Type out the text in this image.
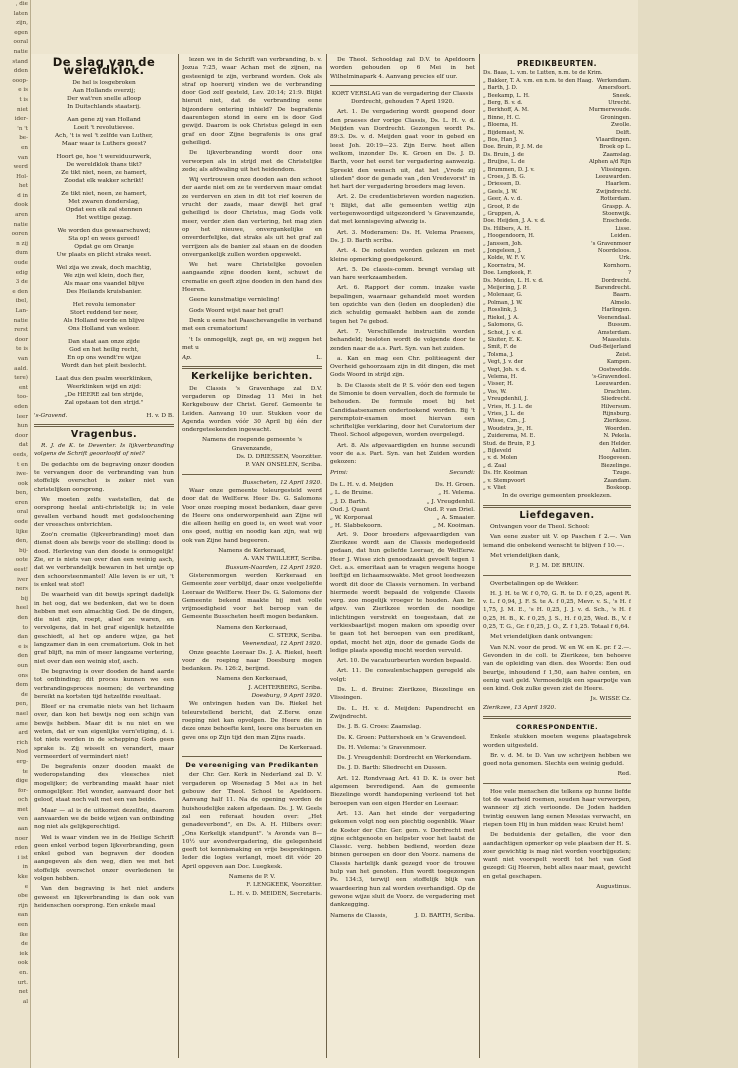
, die
laten
zijn,
egen
ooral
natie
stand
dden
ooop-
e is
t is
niet
ider-
'n 't
be-
en
van
werd
Hol-
het
d in
dook
aren
natie
ooren
n zij
dum
oude
edig
3 de
e den
ibel,
Lan-
natie
rerst
door
te is
van
aald.
tere)
ent
too-
eden
leer
hun
door
dat
eeds,
t en
iwe-
ook
ben,
eren
oral
oode
lijke
den,
bij-
oote
eest!
iver
ners
bij
heel
den
to
dan
e is
den
oun
ons
dem
de
pen,
nael
ame
ard
rich
Nod
erg-
te
dige
for-
och
met
ven
aan
noer
rden
i ist
in
kke
e
obe
rijn
ean
een
ike
de
iek
ook
en.
urt.
net
al
De slag van de wereldklok.
De hel is losgebroken
Aan Hollands overzij;
Der wat'ren snelle afloop
In Duitschlands staatsrij.
Aan gene zij van Holland
Loeit 't revolutievee.
Ach, 't is wel 't zelfde van Luther,
Maar waar is Luthers geest?
Hoort ge, hoe 't wereiduurwerk,
De wereldklok thans tikt?
Ze tikt niet, neen, ze hamert,
Zoodat elk wakker schrikt!
Ze tikt niet, neen, ze hamert,
Met zwaren donderslag,
Opdat een elk zal stennen
Het wettige gezag.
We worden dus gewaarschuwd;
Sta op! en wees gereed!
Opdat ge om Oranje
Uw plaats en plicht straks weet.
Wel zija we zwak, doch machtig,
We zijn wel klein, doch fier,
Als maar ons vaandel blijve
Des Heilands kruisbanier.
Het revolu iemonster
Stort reddend ter neer,
Als Holland worde en blijve
Ons Holland van weleer.
Dan staat aan onze zijde
God en het heilig recht,
En op ons wendt're wijze
Wordt dan het pleit beslecht.
Laat dus den psalm weerklinken,
Weerklinken wijd en zijd:
„De HEERE zal ten strijde,
Zal opstaan tot den strijd."
's-Gravend.	H. v. D B.
Vragenbus.

R. J. de K. te Deventer. Is lijkverbranding volgens de Schrift geoorloofd of niet?

De gedachte om de begraving onzer dooden te vervangen door de verbranding van hun stoffelijk overschot is zeker niet van christelijken oorsprong.

We moeten zelfs vaststellen, dat de oorsprong heelal anti-christelijk is; in vele gevallen verband houdt met godsloochening der vreesches ontvrichten.

Zoo'n crematie (lijkverbranding) moet dan dienst doen als bewijs voor de stelling: dood is dood. Herleving van den doode is onmogelijk! Zie, er is niets van over dan een weinig asch, dat we verbrandelijk bewaren in het urntje op den schoorsteenmantel! Alle leven is er uit, 't is enkel wat stof!

De waarheid van dit bewijs springt dadelijk in het oog, dat we bedenken, dat we te doen hebben met een almachtig God. De de dingen, die niet zijn, roept, alsof ze waren, en vervolgens, dat in het graf eigenlijk hetzelfde geschiedt, al het op andere wijze, ga het langzamer dan in een crematorium. Ook in het graf blijft, na min of meer langzame vertering, niet over dan een weinig stof, asch.

De begraving is over dooden de hand aarde tot ontbinding; dit proces kunnen we een verbrandingsproces noemen; de verbranding bereikt na kortsten tijd hetzelfde resultaat.

Bleef er na crematie niets van het lichaam over, dan kon het bewijs nog een schijn van bewijs hebben. Maar dit is nu niet en we weten, dat er van eigenlijke vern'etiging, d. i. tot niets worden in de schepping Gods geen sprake is. Zij wisselt en verandert, maar vermeerdert of vermindert niet!

De begrafenis onzer dooden maakt de wederopstanding des vleesches niet mogelijker; de verbranding maakt haar niet onmogelijker. Het wonder, aanvaard door het geloof, staat noch valt met een van beide.

Maar — al is de uitkomst dezelfde, daarom aanvaarden we de beide wijzen van ontbinding nog niet als gelijkgerechtigd.

Wel is waar vinden we in de Heilige Schrift geen enkel verbod tegen lijkverbranding, geen enkel gebod van begraven der dooden aangegeven als den weg, dien we met het stoffelijk overschot onzer overledenen te volgen hebben.

Van den begraving is het niet anders geweest en lijkverbranding is dan ook van heidenschen oorsprong. Een enkele maal

lezen we in de Schrift van verbranding, b. v. Jozua 7:25, waar Achan met de zijnen, na gesteenigd te zijn, verbrand worden. Ook als straf op hoererij vinden we de verbranding door God zelf gesteld, Lev. 20:14; 21:9. Blijkt hieruit niet, dat de verbranding eene bijzondere ontering inhield? De begrafenis daarentegen stond in eere en is door God gewijd. Daarom is ook Christus gelegd in een graf en door Zijne begrafenis is ons graf geheiligd.

De lijkverbranding wordt door ons verworpen als in strijd met de Christelijke zede; als afdwaling uit het heidendom.

Wij vertrouwen onze dooden aan den schoot der aarde niet om ze te verderven maar omdat ze verderven en zien in dit tot rief koeren de vrucht der zaads, maar dewijl het graf geheiligd is door Christus, mag Gods volk meer, verder zien dan vertering, het mag zien op het nieuwe, onvergankelijke en onverderfelijke, dat straks als uit het graf zal verrijzen als de banier zal staan en de dooden onvergankelijk zullen worden opgewekt.

We het ware Christelijke govoelen aangaande zijne dooden kent, schuwt de crematie en geeft zijne dooden in den hand des Heeren.

Geene kunstmatige vernieling!

Gods Woord wijst naar het graf!

Denk u eens het Paaschevangelie in verband met een crematorium!

't Is onmogelijk, zegt ge, en wij zeggen het met u

Ap.	L.
Kerkelijke berichten.

De Classis 's Gravenhage zal D.V. vergaderen op Dinsdag 11 Mei in het Kerkgebouw der Christ. Geref. Gemeente te Leiden. Aanvang 10 uur. Stukken voor de Agenda worden vóór 30 April bij één der ondergeteekenden ingewacht.

Namens de roepende gemeente 's Gravenzande,
Ds. D. DRIESSEN, Voorzitter.
P. VAN ONSELEN, Scriba.
Busscheten, 12 April 1920.

Waar onze gemeente teleurgesteld werd door dat de WelEerw. Heer Ds. G. Salomons Voor onze roeping moest bedanken, daar geve de Heere ons onderworpenheid aan Zijne wil die alleen heilig en goed is, en weet wat voor ons goed, nuttig en noodig kan zijn, wat wij ook van Zijne hand begeeren.

Namens de Kerkeraad,
A. VAN TWILLERT, Scriba.
Bussum-Naarden, 12 April 1920.

Gisterenmorgen werden Kerkeraad en Gemeente zeer verblijd, daar onze veelgeliefde Leeraar de WelEerw. Heer Ds. G. Salomons der Gemeente bekend maakte bij met volle vrijmoedigheid voor het beroep van de Gemeente Busscheten heeft mogen bedanken.

Namens den Kerkeraad,
C. STERK, Scriba.
Veenendaal, 12 April 1920.

Onze geachte Leeraar Ds. J. A. Riekel, heeft voor de roeping naar Doesburg mogen bedanken. Ps. 126:2, berijmd.

Namens den Kerkeraad,
J. ACHTERBERG, Scriba.
Doesburg, 9 April 1920.

We ontvingen heden van Ds. Riekel het teleurstellend bericht, dat Z.Eerw. onze roeping niet kan opvolgen. De Heere die in deze onze behoefte kent, leere ons berusten en geve ons op Zijn tijd den man Zijns raads.

De Kerkeraad.
De vereeniging van Predikanten

der Chr. Ger. Kerk in Nederland zal D. V. vergaderen op Woensdag 5 Mei a.s in het gebouw der Theol. School te Apeldoorn. Aanvang half 11. Na de opening worden de huishoudelijke zaken afgedaan. Ds. J. W. Geels zal een referaat houden over: „Het genadeverbond", en Ds. A. H. Hilbers over: „Ons Kerkelijk standpunt". 's Avonds van 8—10½ uur avondvergadering, die gelegenheid geeft tot kennismaking en vrije besprekingen. Ieder die logies verlangt, moet dit vóór 20 April opgeven aan Doc. Luegkesk.

Namens de P. V.
F. LENGKEEK, Voorzitter.
L. H. v. D. MEIDEN, Secretaris.

De Theol. Schooldag zal D.V. te Apeldoorn worden gehouden op 6 Mei in het Wilhelminapark 4. Aanvang precies elf uur.

KORT VERSLAG van de vergadering der Classis Dordrecht, gehouden 7 April 1920.

Art. 1. De vergadering wordt geopend door den praeses der vorige Classis, Ds. L. H. v. d. Meijden van Dordrecht. Gezongen wordt Ps. 89:3. Ds. v. d. Meijden gaat voor in gebed en leest Joh. 20:19—23. Zijn Eerw. heet allen welkom, inzonder Ds. K. Groen en Ds. J. D. Barth, voor het eerst ter vergadering aanwezig. Spreekt den wensch uit, dat het „Vrede zij ulieden" door de genade van „den Vredevorst" in het hart der vergadering broeders mag leven.

Art. 2. De credentiebrieven worden nagezien. 't Blijkt, dat alle gemeenten wettig zijn vertegenwoordigd uitgezonderd 's Gravenzande, dat met kennisgeving afwezig is.

Art. 3. Moderamen: Ds. H. Velema Praeses, Ds. J. D. Barth scriba.

Art. 4. De notulen worden gelezen en met kleine opmerking goedgekeurd.

Art. 5. De classis-comm. brengt verslag uit van hare werkzaamheden.

Art. 6. Rapport der comm. inzake vaste bepalingen, waarnaar gehandeld moet worden ten opzichte van den (leden en doopleden) die zich schuldig gemaakt hebben aan de zonde tegen het 7e gebod.

Art. 7. Verschillende instructiën worden behandeld; besloten wordt de volgende door te zenden naar de a.s. Part. Syn. van het zuiden.

a. Kan en mag een Chr. politieagent der Overheid gehoorzaam zijn in dit dingen, die met Gods Woord in strijd zijn.

b. De Classis stelt de P. S. vóór den eed tegen de Simonie te doen vervallen, doch de formule te behouden. De formule moet bij het Candidaatsexamen ondertookend worden. Bij 't peremptoir-examen moet hiervan een schriftelijke verklaring, door het Curatorium der Theol. School afgegeven, worden overgelegd.

Art. 8. Als afgevaardigden en hunne secundi voor de a.s. Part. Syn. van het Zuiden worden gekozen:

Primi:	Secundi:
Ds L. H. v. d. Meijden	Ds. H. Groen.
„ L. de Bruine.	„ H. Velema.
„ J. D. Barth.	„ J. Vreugdenhil.
Oud. J. Quant	Oud. P. van Driel.
„ W. Korporaal	„ A. Smaaier.
„ H. Slabbekoorn.	„ M. Kooiman.

Art. 9. Door broeders afgevaardigden van Zierikzee wordt aan de Classis medegedeeld gedaan, dat hun geliefde Leeraar, de WelEerw. Heer J. Wisse zich genoodzaakt gevoelt tegen 1 Oct. a.s. emeritaat aan te vragen wegens hooge leeftijd en lichaamszwakte. Met groot leedwezen wordt dit door de Classis vernomen. In verband hiermede wordt bepaald de volgende Classis verg. zoo mogelijk vroeger te houden. Aan br. afgev. van Zierikzee worden de noodige inlichtingen verstrekt en toegestaan, dat ze verkiesbaarlijst mogen maken om spoedig over te gaan tot het beroepen van een predikant, opdat, mocht het zijn, door de genade Gods de ledige plaats spoedig mocht worden vervuld.

Art. 10. De vacatuurbeurten worden bepaald.

Art. 11. De consulentschappen geregeld als volgt:

Ds. L. d. Bruine: Zierikzee, Biezelinge en Vlissingen.

Ds. L. H. v. d. Meijden: Papendrecht en Zwijndrecht.

Ds. J. B. G. Croes: Zaamslag.

Ds. K. Groen: Puttershoek en 's Gravendeel.

Ds. H. Velema: 's Gravenmoer.

Ds. J. Vreugdenhil: Dordrecht en Werkendam.

Ds. J. D. Barth: Sliedrecht en Dussen.

Art. 12. Rondvraag Art. 41 D. K. is over het algemeen bevredigend. Aan de gemeente Biezelinge wordt handopening verleend tot het beroepen van een eigen Herder en Leeraar.

Art. 13. Aan het einde der vergadering gekomen volgt nog een piechtig oogenblik. Waar de Koster der Chr. Ger. gem. v. Dordrecht met zijne echtgenoote en helpster voor het laatst de Classic. verg. hebben bediend, worden deze binnen geroepen en door den Voorz. namens de Classis hartelijk dank gezegd voor de trouwe hulp van het genoten. Hun wordt toegezongen Ps. 134:3, terwijl een stoffelijk blijk van waardeering hun zal worden overhandigd. Op de gewone wijze sluit de Voorz. de vergadering met dankzegging.

Namens de Classis,	J. D. BARTH, Scriba.
PREDIKBEURTEN.
Ds. Baas, L. v.m. te Lutten, n.m. te de Krim.
„ Bakker, T. A. v.m. en n.m. te den Haag. Werkendam.
„ Barth, J. D.	Amersfoort.
„ Beekamp, L. H.	Sneek.
„ Berg, B. v. d.	Utrecht.
„ Berkhoff, A. M.	Murmerwoude.
„ Binne, H. C.	Groningen.
„ Bloema, H.	Zwolle.
„ Bijdemast, N.	Delft.
„ Bos, Han J.	Vlaardingen.
Doe. Bruin, P. J. M. de	Broek op L.
Ds. Bruin, J. de	Zaamslag.
„ Bruijne, L. de	Alphen a/d Rijn
„ Brummen, D. J. v.	Vlissingen.
„ Croes, J. B. G.	Leeuwarden.
„ Driessen, D.	Haarlem.
„ Geels, J. W.	Zwijndrecht.
„ Geer, A. v. d.	Rotterdam.
„ Groot, P. de	Graspp. A.
„ Gruppen, A.	Stoenwijk.
Doe. Heijden, J. A. v. d.	Enschede.
Ds. Hilbers, A. H.	Lisse.
„ Hoogendoorn, H.	Leiden.
„ Janssen, Joh.	's Gravenmoer
„ Jongeleen, J.	Noordeloos.
„ Kolde, W. F. V.	Urk.
„ Koornstra, M.	Kornhorn.
Doe. Lengkeek, F.	?
Ds. Meiden, L. H. v. d.	Dordrecht.
„ Meijering, J. P.	Barendrecht.
„ Molenaar, G.	Baarn.
„ Polman, J. W.	Almelo.
„ Rosslink, J.	Harlingen.
„ Riekel, J. A.	Veenendaal.
„ Salomons, G.	Bussum.
„ Schot, J. v. d.	Amsterdam.
„ Sluiter, E. K.	Maassluis.
„ Smit, F. de	Oud-Beijerland
„ Tolsma, J.	Zeist.
„ Vegt, J. v. der	Kampen.
„ Vegt, Joh. v. d.	Oostwedde.
„ Velema, H.	's-Gravendeel.
„ Visser, H.	Leeuwarden.
„ Vos, W.	Drachten.
„ Vreugdenhil, J.	Sliedrecht.
„ Vries, H. J. L. de	Hilversum.
„ Vries, J. L. de	Rijnsburg.
„ Wisse, Czn., J.	Zierikzee.
„ Woudstra, Jr., H.	Woerden.
„ Zuiderema, M. E.	N. Pekela.
Stud. de Bruin, P. J.	den Helder.
„ Bijleveld	Aalten.
„ v. d. Molen	Hoogeveen.
„ d. Zaal	Biezelinge.
Ds. Hr. Kooiman	Tzuge.
„ v. Stempvoort	Zaandam.
„ v. Vliet	Boskoop.
In de overige gemeenten preeklezen.
Liefdegaven.

Ontvangen voor de Theol. School:

Van eene zuster uit V. op Paschen f 2.—. Van iemand die onbekend wenscht te blijven f 10.—.

Met vriendelijken dank,

P. J. M. DE BRUIN.

Overbetalingen op de Wekker.

H. J. H. te W. f 0,70, G. R. te D. f 0,25, agent R. v. L. f 0,94, J. F. S. te A. f 0,25, Mevr. v. S., 's H. f 1,75, J. M. E., 's H. 0,25, J. J. v. d. Sch., 's H. f 0,25, H. B., K. f 0,25, J. S., H. f 0,25, Wed. B., V. f 0,25, T. G., Gr. f 0,25, J. O., Z. f 1,25. Totaal f 6,64.

Met vriendelijken dank ontvangen:

Van N.N. voor de prod. W. en W. en K. pr. f 2.—. Gevonden in de coll. te Zierikzee, ten behoeve van de opleiding van dien. des Woords: Een oud beurtje, inhoudend f 1,50, aan halve centen, en eenig vast geld. Vermoedelijk een spaarpotje van een kind. Ook zulke geven ziet de Heere.

Js. WISSE Cz.
Zierikzee, 13 April 1920.
CORRESPONDENTIE.

Enkele stukken moeten wegens plaatsgebrek worden uitgesteld.

Br. v. d. M. te D. Van uw schrijven hebben we goed nota genomen. Slechts een weinig geduld.

Red.

Hoe vele menschen die telkens op hunne liefde tot de waarheid roemen, souden haar verworpen, wanneer zij zich verioonde. De Joden hadden twintig eeuwen lang eenen Messias verwacht, en riepen toen Hij in hun midden was: Kruist hem!

De beduidenis der getallen, die voor den aandachtigen opmerker op vele plaatsen der H. S. zoer gewichtig is mag niet worden voorbijgezien; want niet voorspelt wordt tot het van God gezegd: Gij Heeren, hebt alles naar maat, gewicht en getal geschapen.

Augustinus.
